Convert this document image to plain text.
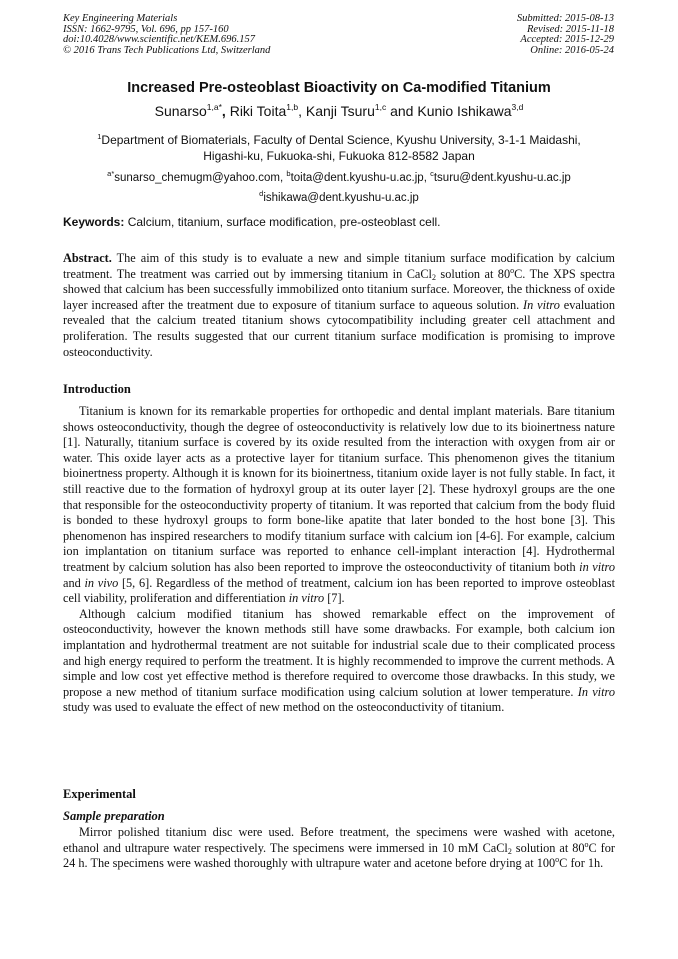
Key Engineering Materials
ISSN: 1662-9795, Vol. 696, pp 157-160
doi:10.4028/www.scientific.net/KEM.696.157
© 2016 Trans Tech Publications Ltd, Switzerland
Submitted: 2015-08-13
Revised: 2015-11-18
Accepted: 2015-12-29
Online: 2016-05-24
Increased Pre-osteoblast Bioactivity on Ca-modified Titanium
Sunarso$^{1,a*}$, Riki Toita$^{1,b}$, Kanji Tsuru$^{1,c}$ and Kunio Ishikawa$^{3,d}$
$^1$Department of Biomaterials, Faculty of Dental Science, Kyushu University, 3-1-1 Maidashi,
Higashi-ku, Fukuoka-shi, Fukuoka 812-8582 Japan
$^{a*}$sunarso_chemugm@yahoo.com, $^b$toita@dent.kyushu-u.ac.jp, $^c$tsuru@dent.kyushu-u.ac.jp
$^d$ishikawa@dent.kyushu-u.ac.jp
Keywords: Calcium, titanium, surface modification, pre-osteoblast cell.

Abstract. The aim of this study is to evaluate a new and simple titanium surface modification by calcium treatment. The treatment was carried out by immersing titanium in CaCl$_2$ solution at 80$^o$C. The XPS spectra showed that calcium has been successfully immobilized onto titanium surface. Moreover, the thickness of oxide layer increased after the treatment due to exposure of titanium surface to aqueous solution. In vitro evaluation revealed that the calcium treated titanium shows cytocompatibility including greater cell attachment and proliferation. The results suggested that our current titanium surface modification is promising to improve osteoconductivity.

Introduction

Titanium is known for its remarkable properties for orthopedic and dental implant materials. Bare titanium shows osteoconductivity, though the degree of osteoconductivity is relatively low due to its bioinertness nature [1]. Naturally, titanium surface is covered by its oxide resulted from the interaction with oxygen from air or water. This oxide layer acts as a protective layer for titanium surface. This phenomenon gives the titanium bioinertness property. Although it is known for its bioinertness, titanium oxide layer is not fully stable. In fact, it still reactive due to the formation of hydroxyl group at its outer layer [2]. These hydroxyl groups are the one that responsible for the osteoconductivity property of titanium. It was reported that calcium from the body fluid is bonded to these hydroxyl groups to form bone-like apatite that later bonded to the host bone [3]. This phenomenon has inspired researchers to modify titanium surface with calcium ion [4-6]. For example, calcium ion implantation on titanium surface was reported to enhance cell-implant interaction [4]. Hydrothermal treatment by calcium solution has also been reported to improve the osteoconductivity of titanium both in vitro and in vivo [5, 6]. Regardless of the method of treatment, calcium ion has been reported to improve osteoblast cell viability, proliferation and differentiation in vitro [7].

Although calcium modified titanium has showed remarkable effect on the improvement of osteoconductivity, however the known methods still have some drawbacks. For example, both calcium ion implantation and hydrothermal treatment are not suitable for industrial scale due to their complicated process and high energy required to perform the treatment. It is highly recommended to improve the current methods. A simple and low cost yet effective method is therefore required to overcome those drawbacks. In this study, we propose a new method of titanium surface modification using calcium solution at lower temperature. In vitro study was used to evaluate the effect of new method on the osteoconductivity of titanium.

Experimental
Sample preparation

Mirror polished titanium disc were used. Before treatment, the specimens were washed with acetone, ethanol and ultrapure water respectively. The specimens were immersed in 10 mM CaCl$_2$ solution at 80$^o$C for 24 h. The specimens were washed thoroughly with ultrapure water and acetone before drying at 100$^o$C for 1h.
